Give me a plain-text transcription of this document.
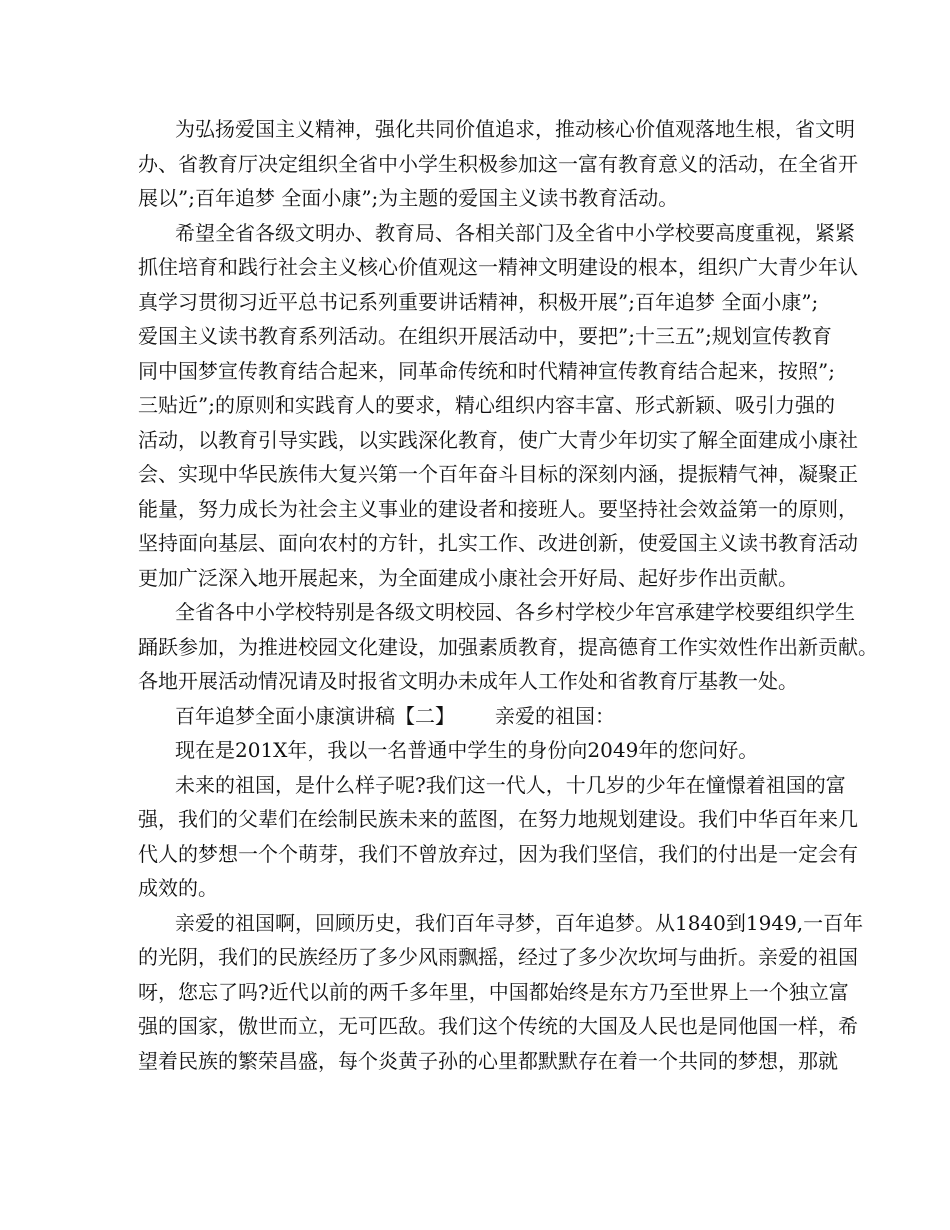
为弘扬爱国主义精神，强化共同价值追求，推动核心价值观落地生根，省文明
办、省教育厅决定组织全省中小学生积极参加这一富有教育意义的活动，在全省开
展以”;百年追梦 全面小康”;为主题的爱国主义读书教育活动。
希望全省各级文明办、教育局、各相关部门及全省中小学校要高度重视，紧紧
抓住培育和践行社会主义核心价值观这一精神文明建设的根本，组织广大青少年认
真学习贯彻习近平总书记系列重要讲话精神，积极开展”;百年追梦 全面小康”;
爱国主义读书教育系列活动。在组织开展活动中，要把”;十三五”;规划宣传教育
同中国梦宣传教育结合起来，同革命传统和时代精神宣传教育结合起来，按照”;
三贴近”;的原则和实践育人的要求，精心组织内容丰富、形式新颖、吸引力强的
活动，以教育引导实践，以实践深化教育，使广大青少年切实了解全面建成小康社
会、实现中华民族伟大复兴第一个百年奋斗目标的深刻内涵，提振精气神，凝聚正
能量，努力成长为社会主义事业的建设者和接班人。要坚持社会效益第一的原则，
坚持面向基层、面向农村的方针，扎实工作、改进创新，使爱国主义读书教育活动
更加广泛深入地开展起来，为全面建成小康社会开好局、起好步作出贡献。
全省各中小学校特别是各级文明校园、各乡村学校少年宫承建学校要组织学生
踊跃参加，为推进校园文化建设，加强素质教育，提高德育工作实效性作出新贡献。
各地开展活动情况请及时报省文明办未成年人工作处和省教育厅基教一处。
百年追梦全面小康演讲稿【二】 亲爱的祖国：
现在是201X年，我以一名普通中学生的身份向2049年的您问好。
未来的祖国，是什么样子呢?我们这一代人，十几岁的少年在憧憬着祖国的富
强，我们的父辈们在绘制民族未来的蓝图，在努力地规划建设。我们中华百年来几
代人的梦想一个个萌芽，我们不曾放弃过，因为我们坚信，我们的付出是一定会有
成效的。
亲爱的祖国啊，回顾历史，我们百年寻梦，百年追梦。从1840到1949,一百年
的光阴，我们的民族经历了多少风雨飘摇，经过了多少次坎坷与曲折。亲爱的祖国
呀，您忘了吗?近代以前的两千多年里，中国都始终是东方乃至世界上一个独立富
强的国家，傲世而立，无可匹敌。我们这个传统的大国及人民也是同他国一样，希
望着民族的繁荣昌盛，每个炎黄子孙的心里都默默存在着一个共同的梦想，那就
